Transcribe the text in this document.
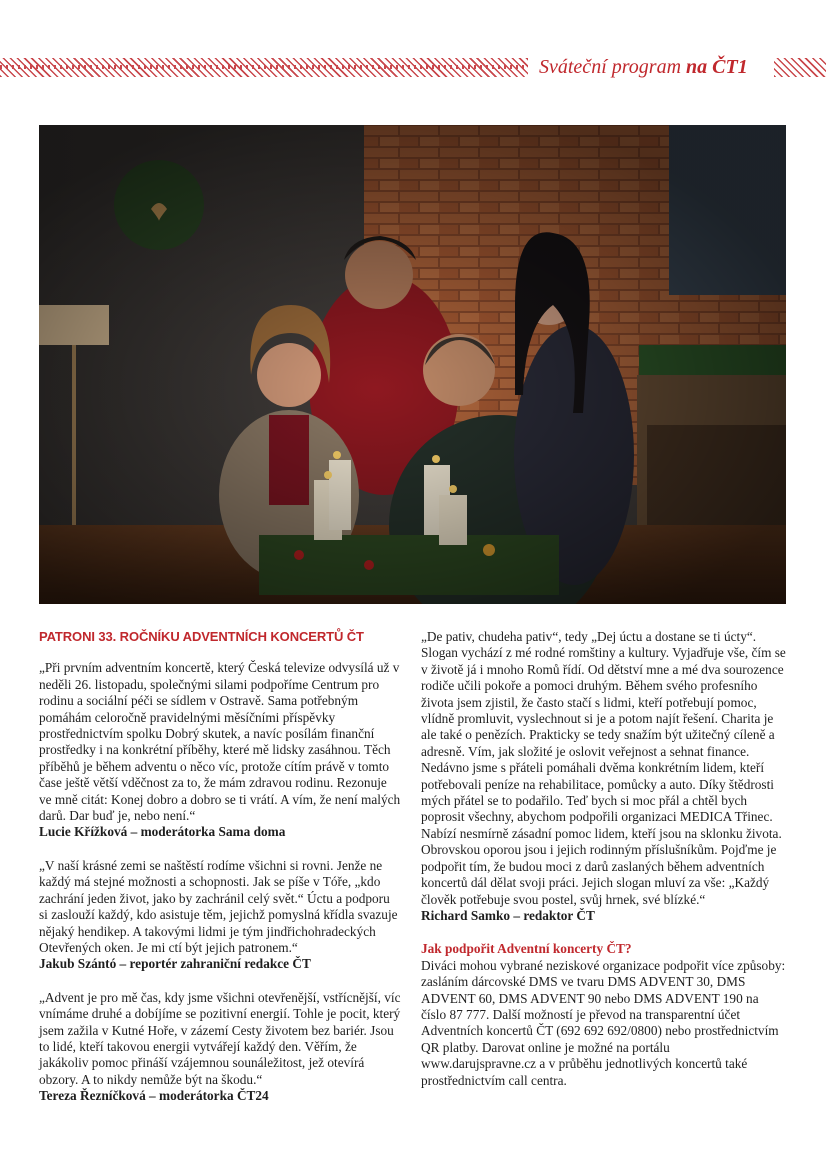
Sváteční program na ČT1

PATRONI 33. ROČNÍKU ADVENTNÍCH KONCERTŮ ČT

„Při prvním adventním koncertě, který Česká televize odvysílá už v neděli 26. listopadu, společnými silami podpoříme Centrum pro rodinu a sociální péči se sídlem v Ostravě. Sama potřebným pomáhám celoročně pravidelnými měsíčními příspěvky prostřednictvím spolku Dobrý skutek, a navíc posílám finanční prostředky i na konkrétní příběhy, které mě lidsky zasáhnou. Těch příběhů je během adventu o něco víc, protože cítím právě v tomto čase ještě větší vděčnost za to, že mám zdravou rodinu. Rezonuje ve mně citát: Konej dobro a dobro se ti vrátí. A vím, že není malých darů. Dar buď je, nebo není.“

Lucie Křížková – moderátorka Sama doma

„V naší krásné zemi se naštěstí rodíme všichni si rovni. Jenže ne každý má stejné možnosti a schopnosti. Jak se píše v Tóře, „kdo zachrání jeden život, jako by zachránil celý svět.“ Úctu a podporu si zaslouží každý, kdo asistuje těm, jejichž pomyslná křídla svazuje nějaký hendikep. A takovými lidmi je tým jindřichohradeckých Otevřených oken. Je mi ctí být jejich patronem.“

Jakub Szántó – reportér zahraniční redakce ČT

„Advent je pro mě čas, kdy jsme všichni otevřenější, vstřícnější, víc vnímáme druhé a dobíjíme se pozitivní energií. Tohle je pocit, který jsem zažila v Kutné Hoře, v zázemí Cesty životem bez bariér. Jsou to lidé, kteří takovou energii vytvářejí každý den. Věřím, že jakákoliv pomoc přináší vzájemnou sounáležitost, jež otevírá obzory. A to nikdy nemůže být na škodu.“

Tereza Řezníčková – moderátorka ČT24

„De pativ, chudeha pativ“, tedy „Dej úctu a dostane se ti úcty“. Slogan vychází z mé rodné romštiny a kultury. Vyjadřuje vše, čím se v životě já i mnoho Romů řídí. Od dětství mne a mé dva sourozence rodiče učili pokoře a pomoci druhým. Během svého profesního života jsem zjistil, že často stačí s lidmi, kteří potřebují pomoc, vlídně promluvit, vyslechnout si je a potom najít řešení. Charita je ale také o penězích. Prakticky se tedy snažím být užitečný cíleně a adresně. Vím, jak složité je oslovit veřejnost a sehnat finance. Nedávno jsme s přáteli pomáhali dvěma konkrétním lidem, kteří potřebovali peníze na rehabilitace, pomůcky a auto. Díky štědrosti mých přátel se to podařilo. Teď bych si moc přál a chtěl bych poprosit všechny, abychom podpořili organizaci MEDICA Třinec. Nabízí nesmírně zásadní pomoc lidem, kteří jsou na sklonku života. Obrovskou oporou jsou i jejich rodinným příslušníkům. Pojďme je podpořit tím, že budou moci z darů zaslaných během adventních koncertů dál dělat svoji práci. Jejich slogan mluví za vše: „Každý člověk potřebuje svou postel, svůj hrnek, své blízké.“

Richard Samko – redaktor ČT

Jak podpořit Adventní koncerty ČT?

Diváci mohou vybrané neziskové organizace podpořit více způsoby: zasláním dárcovské DMS ve tvaru DMS ADVENT 30, DMS ADVENT 60, DMS ADVENT 90 nebo DMS ADVENT 190 na číslo 87 777. Další možností je převod na transparentní účet Adventních koncertů ČT (692 692 692/0800) nebo prostřednictvím QR platby. Darovat online je možné na portálu www.darujspravne.cz a v průběhu jednotlivých koncertů také prostřednictvím call centra.
